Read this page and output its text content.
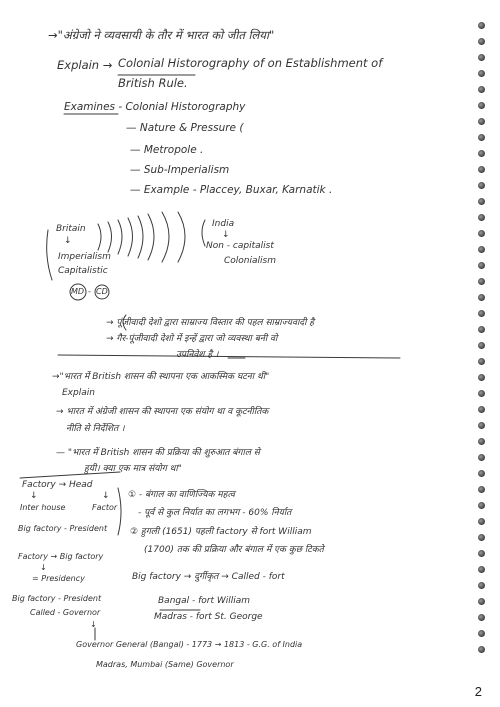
→"अंग्रेजो ने व्यवसायी के तौर में भारत को जीत लिया"
Explain → Colonial Historography of on Establishment of
British Rule.
Examines - Colonial Historography
— Nature & Pressure (
— Metropole .
— Sub-Imperialism
— Example - Placcey, Buxar, Karnatik .
Britain
↓
Imperialism
Capitalistic
India
↓
Non - capitalist
Colonialism
MD - CD
→ पूंजीवादी देशो द्वारा साम्राज्य विस्तार की पहल साम्राज्यवादी है
→ गैर-पूंजीवादी देशो में इन्हें द्वारा जो व्यवस्था बनी वो
उपनिवेश है ।
→"भारत में British शासन की स्थापना एक आकस्मिक घटना थी"
Explain
→ भारत में अंग्रेजी शासन की स्थापना एक संयोग था व कूटनीतिक
नीति से निर्देशित ।
— "भारत में British शासन की प्रक्रिया की शुरुआत बंगाल से
हुयी। क्या एक मात्र संयोग था"
Factory → Head
↓	↓
Inter house	Factor
Big factory - President
Factory → Big factory
↓
= Presidency
Big factory - President
Called - Governor
↓
Governor General (Bangal) - 1773 → 1813 - G.G. of India
Madras, Mumbai (Same) Governor
① - बंगाल का वाणिज्यिक महत्व
- पूर्व से कुल निर्यात का लगभग - 60% निर्यात
② हुगली (1651) पहली factory से fort William
(1700) तक की प्रक्रिया और बंगाल में एक कुछ टिकते
Big factory → दुर्गीकृत → Called - fort
Bangal - fort William
Madras - fort St. George
2
